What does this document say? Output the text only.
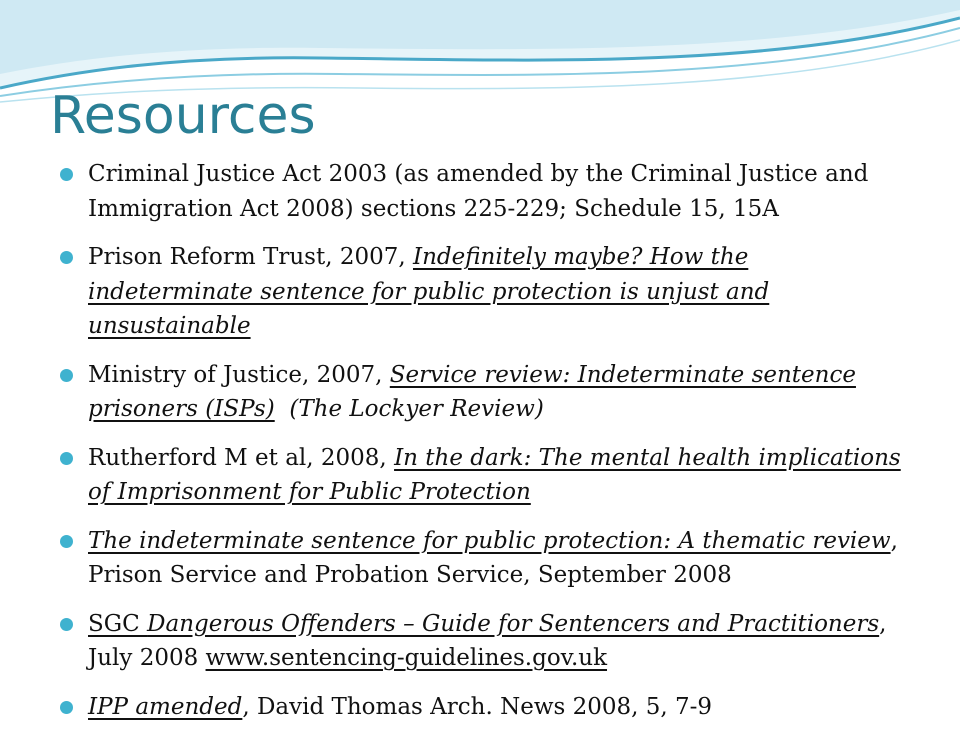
Resources
Criminal Justice Act 2003 (as amended by the Criminal Justice and Immigration Act 2008) sections 225-229; Schedule 15, 15A
Prison Reform Trust, 2007, Indefinitely maybe? How the indeterminate sentence for public protection is unjust and unsustainable
Ministry of Justice, 2007, Service review: Indeterminate sentence prisoners (ISPs)  (The Lockyer Review)
Rutherford M et al, 2008, In the dark: The mental health implications of Imprisonment for Public Protection
The indeterminate sentence for public protection: A thematic review, Prison Service and Probation Service, September 2008
SGC Dangerous Offenders – Guide for Sentencers and Practitioners, July 2008 www.sentencing-guidelines.gov.uk
IPP amended, David Thomas Arch. News 2008, 5, 7-9
